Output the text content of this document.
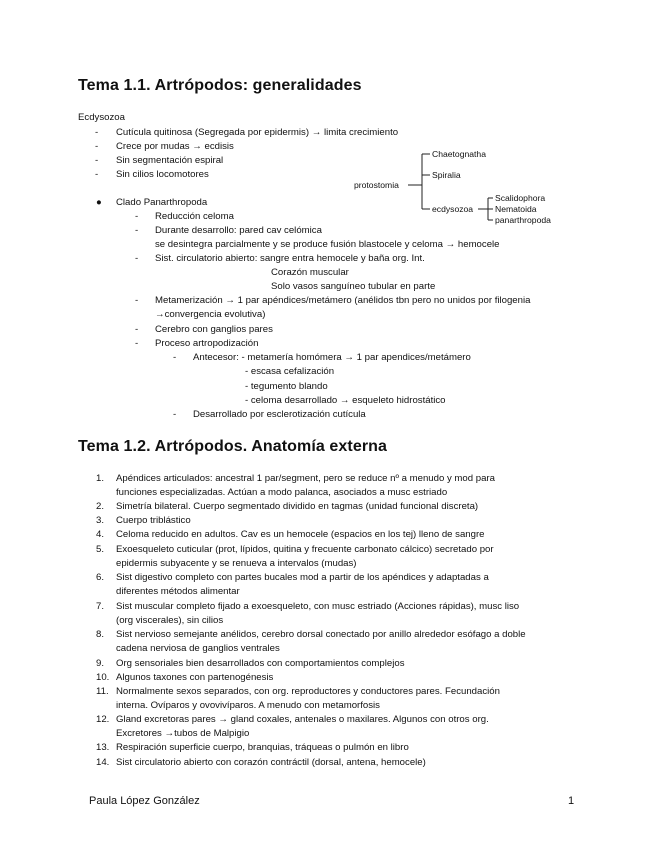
Tema 1.1. Artrópodos: generalidades
Ecdysozoa
- Cutícula quitinosa (Segregada por epidermis) → limita crecimiento
- Crece por mudas → ecdisis
- Sin segmentación espiral
- Sin cilios locomotores
● Clado Panarthropoda
- Reducción celoma
- Durante desarrollo: pared cav celómica
se desintegra parcialmente y se produce fusión blastocele y celoma → hemocele
- Sist. circulatorio abierto: sangre entra hemocele y baña org. Int.
Corazón muscular
Solo vasos sanguíneo tubular en parte
- Metamerización → 1 par apéndices/metámero (anélidos tbn pero no unidos por filogenia
→convergencia evolutiva)
- Cerebro con ganglios pares
- Proceso artropodización
- Antecesor: - metamería homómera → 1 par apendices/metámero
- escasa cefalización
- tegumento blando
- celoma desarrollado → esqueleto hidrostático
- Desarrollado por esclerotización cutícula
protostomia
Chaetognatha
Spiralia
ecdysozoa
Scalidophora
Nematoida
panarthropoda
Tema 1.2. Artrópodos. Anatomía externa
1. Apéndices articulados: ancestral 1 par/segment, pero se reduce nº a menudo y mod para
funciones especializadas. Actúan a modo palanca, asociados a musc estriado
2. Simetría bilateral. Cuerpo segmentado dividido en tagmas (unidad funcional discreta)
3. Cuerpo triblástico
4. Celoma reducido en adultos. Cav es un hemocele (espacios en los tej) lleno de sangre
5. Exoesqueleto cuticular (prot, lípidos, quitina y frecuente carbonato cálcico) secretado por
epidermis subyacente y se renueva a intervalos (mudas)
6. Sist digestivo completo con partes bucales mod a partir de los apéndices y adaptadas a
diferentes métodos alimentar
7. Sist muscular completo fijado a exoesqueleto, con musc estriado (Acciones rápidas), musc liso
(org viscerales), sin cilios
8. Sist nervioso semejante anélidos, cerebro dorsal conectado por anillo alrededor esófago a doble
cadena nerviosa de ganglios ventrales
9. Org sensoriales bien desarrollados con comportamientos complejos
10. Algunos taxones con partenogénesis
11. Normalmente sexos separados, con org. reproductores y conductores pares. Fecundación
interna. Ovíparos y ovovivíparos. A menudo con metamorfosis
12. Gland excretoras pares → gland coxales, antenales o maxilares. Algunos con otros org.
Excretores →tubos de Malpigio
13. Respiración superficie cuerpo, branquias, tráqueas o pulmón en libro
14. Sist circulatorio abierto con corazón contráctil (dorsal, antena, hemocele)
Paula López González	1
